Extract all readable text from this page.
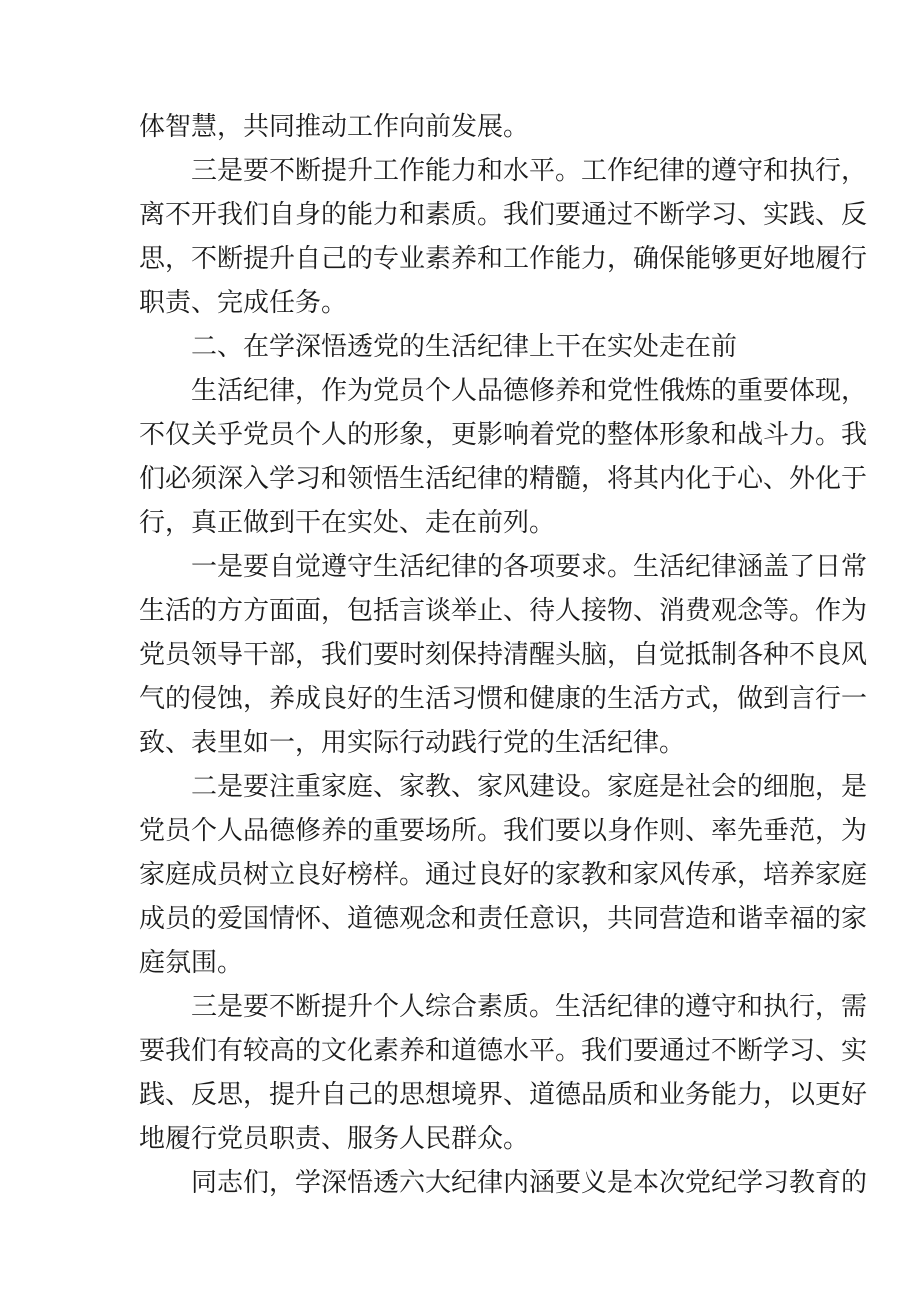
体智慧，共同推动工作向前发展。
三是要不断提升工作能力和水平。工作纪律的遵守和执行，
离不开我们自身的能力和素质。我们要通过不断学习、实践、反
思，不断提升自己的专业素养和工作能力，确保能够更好地履行
职责、完成任务。
二、在学深悟透党的生活纪律上干在实处走在前
生活纪律，作为党员个人品德修养和党性俄炼的重要体现，
不仅关乎党员个人的形象，更影响着党的整体形象和战斗力。我
们必须深入学习和领悟生活纪律的精髓，将其内化于心、外化于
行，真正做到干在实处、走在前列。
一是要自觉遵守生活纪律的各项要求。生活纪律涵盖了日常
生活的方方面面，包括言谈举止、待人接物、消费观念等。作为
党员领导干部，我们要时刻保持清醒头脑，自觉抵制各种不良风
气的侵蚀，养成良好的生活习惯和健康的生活方式，做到言行一
致、表里如一，用实际行动践行党的生活纪律。
二是要注重家庭、家教、家风建设。家庭是社会的细胞，是
党员个人品德修养的重要场所。我们要以身作则、率先垂范，为
家庭成员树立良好榜样。通过良好的家教和家风传承，培养家庭
成员的爱国情怀、道德观念和责任意识，共同营造和谐幸福的家
庭氛围。
三是要不断提升个人综合素质。生活纪律的遵守和执行，需
要我们有较高的文化素养和道德水平。我们要通过不断学习、实
践、反思，提升自己的思想境界、道德品质和业务能力，以更好
地履行党员职责、服务人民群众。
同志们，学深悟透六大纪律内涵要义是本次党纪学习教育的
